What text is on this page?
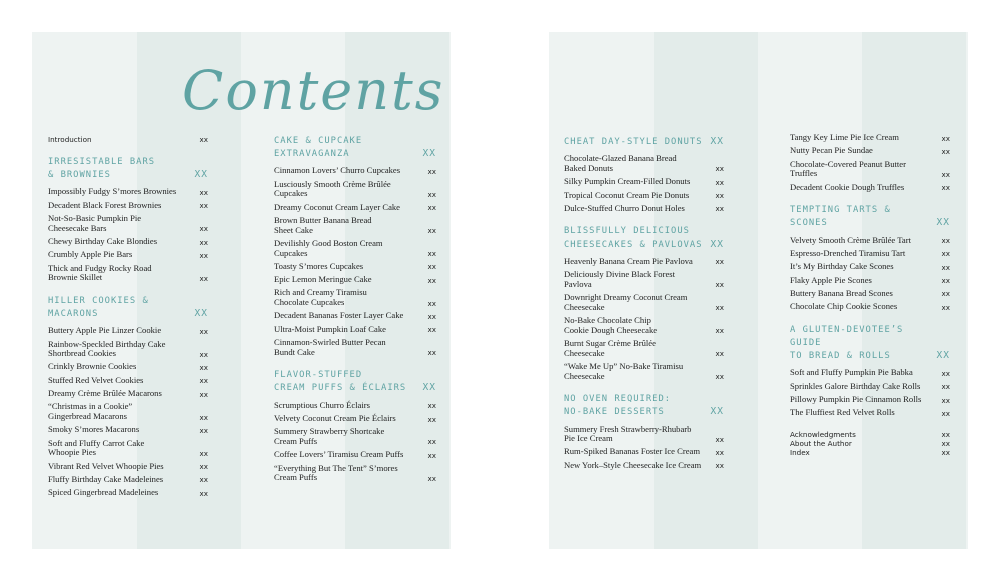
Contents
Introduction	xx
IRRESISTABLE BARS
& BROWNIES	XX
Impossibly Fudgy S’mores Brownies	xx
Decadent Black Forest Brownies	xx
Not-So-Basic Pumpkin Pie
Cheesecake Bars	xx
Chewy Birthday Cake Blondies	xx
Crumbly Apple Pie Bars	xx
Thick and Fudgy Rocky Road
Brownie Skillet	xx
HILLER COOKIES & MACARONS	XX
Buttery Apple Pie Linzer Cookie	xx
Rainbow-Speckled Birthday Cake
Shortbread Cookies	xx
Crinkly Brownie Cookies	xx
Stuffed Red Velvet Cookies	xx
Dreamy Crème Brûlée Macarons	xx
“Christmas in a Cookie”
Gingerbread Macarons	xx
Smoky S’mores Macarons	xx
Soft and Fluffy Carrot Cake
Whoopie Pies	xx
Vibrant Red Velvet Whoopie Pies	xx
Fluffy Birthday Cake Madeleines	xx
Spiced Gingerbread Madeleines	xx
CAKE & CUPCAKE
EXTRAVAGANZA	XX
Cinnamon Lovers’ Churro Cupcakes	xx
Lusciously Smooth Crème Brûlée
Cupcakes	xx
Dreamy Coconut Cream Layer Cake	xx
Brown Butter Banana Bread
Sheet Cake	xx
Devilishly Good Boston Cream
Cupcakes	xx
Toasty S’mores Cupcakes	xx
Epic Lemon Meringue Cake	xx
Rich and Creamy Tiramisu
Chocolate Cupcakes	xx
Decadent Bananas Foster Layer Cake	xx
Ultra-Moist Pumpkin Loaf Cake	xx
Cinnamon-Swirled Butter Pecan
Bundt Cake	xx
FLAVOR-STUFFED
CREAM PUFFS & ÉCLAIRS XX
Scrumptious Churro Éclairs	xx
Velvety Coconut Cream Pie Éclairs	xx
Summery Strawberry Shortcake
Cream Puffs	xx
Coffee Lovers’ Tiramisu Cream Puffs	xx
“Everything But The Tent” S’mores
Cream Puffs	xx
CHEAT DAY-STYLE DONUTS XX
Chocolate-Glazed Banana Bread
Baked Donuts	xx
Silky Pumpkin Cream-Filled Donuts	xx
Tropical Coconut Cream Pie Donuts	xx
Dulce-Stuffed Churro Donut Holes	xx
BLISSFULLY DELICIOUS
CHEESECAKES & PAVLOVAS XX
Heavenly Banana Cream Pie Pavlova	xx
Deliciously Divine Black Forest
Pavlova	xx
Downright Dreamy Coconut Cream
Cheesecake	xx
No-Bake Chocolate Chip
Cookie Dough Cheesecake	xx
Burnt Sugar Crème Brûlée
Cheesecake	xx
“Wake Me Up” No-Bake Tiramisu
Cheesecake	xx
NO OVEN REQUIRED:
NO-BAKE DESSERTS	XX
Summery Fresh Strawberry-Rhubarb
Pie Ice Cream	xx
Rum-Spiked Bananas Foster Ice Cream xx
New York–Style Cheesecake Ice Cream xx
Tangy Key Lime Pie Ice Cream	xx
Nutty Pecan Pie Sundae	xx
Chocolate-Covered Peanut Butter
Truffles	xx
Decadent Cookie Dough Truffles	xx
TEMPTING TARTS & SCONES	XX
Velvety Smooth Crème Brûlée Tart	xx
Espresso-Drenched Tiramisu Tart	xx
It’s My Birthday Cake Scones	xx
Flaky Apple Pie Scones	xx
Buttery Banana Bread Scones	xx
Chocolate Chip Cookie Scones	xx
A GLUTEN-DEVOTEE’S GUIDE
TO BREAD & ROLLS	XX
Soft and Fluffy Pumpkin Pie Babka	xx
Sprinkles Galore Birthday Cake Rolls	xx
Pillowy Pumpkin Pie Cinnamon Rolls	xx
The Fluffiest Red Velvet Rolls	xx
Acknowledgments	xx
About the Author	xx
Index	xx
